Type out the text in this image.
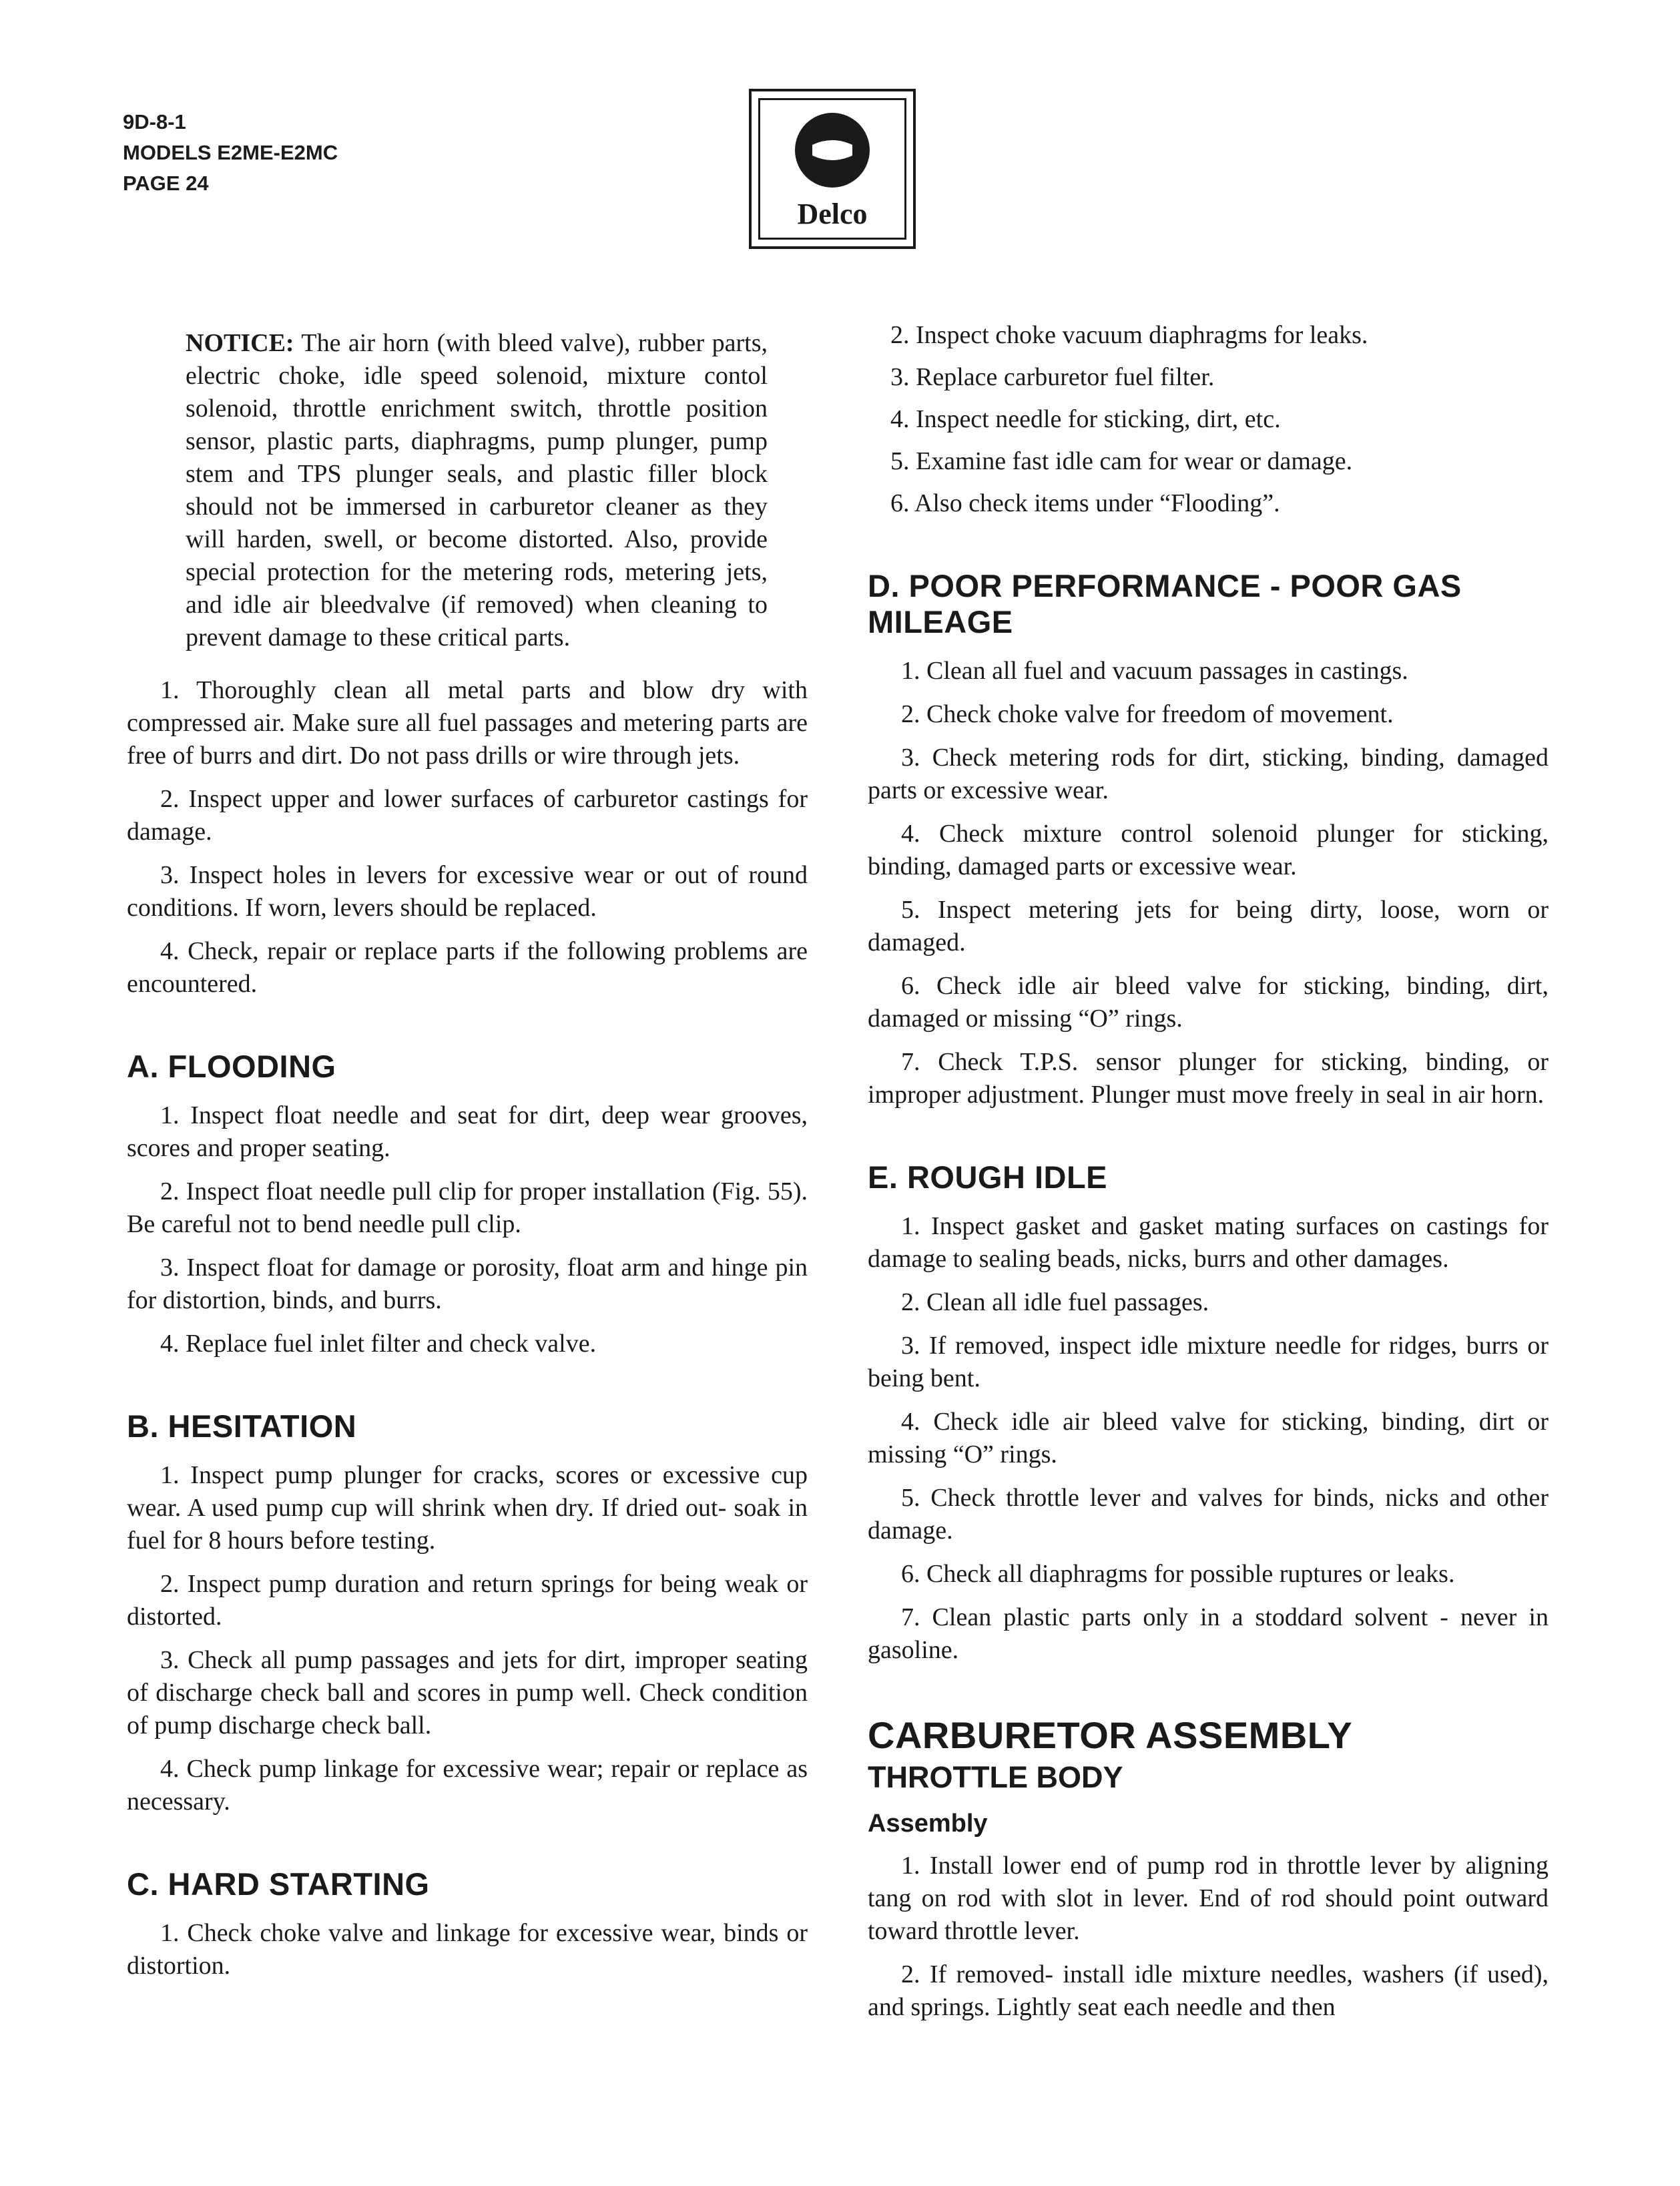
9D-8-1
MODELS E2ME-E2MC
PAGE 24
Delco

NOTICE: The air horn (with bleed valve), rubber parts, electric choke, idle speed solenoid, mixture contol solenoid, throttle enrichment switch, throttle position sensor, plastic parts, diaphragms, pump plunger, pump stem and TPS plunger seals, and plastic filler block should not be immersed in carburetor cleaner as they will harden, swell, or become distorted. Also, provide special protection for the metering rods, metering jets, and idle air bleedvalve (if removed) when cleaning to prevent damage to these critical parts.

1. Thoroughly clean all metal parts and blow dry with compressed air. Make sure all fuel passages and metering parts are free of burrs and dirt. Do not pass drills or wire through jets.

2. Inspect upper and lower surfaces of carburetor castings for damage.

3. Inspect holes in levers for excessive wear or out of round conditions. If worn, levers should be replaced.

4. Check, repair or replace parts if the following problems are encountered.

A. FLOODING

1. Inspect float needle and seat for dirt, deep wear grooves, scores and proper seating.

2. Inspect float needle pull clip for proper installation (Fig. 55). Be careful not to bend needle pull clip.

3. Inspect float for damage or porosity, float arm and hinge pin for distortion, binds, and burrs.

4. Replace fuel inlet filter and check valve.

B. HESITATION

1. Inspect pump plunger for cracks, scores or excessive cup wear. A used pump cup will shrink when dry. If dried out- soak in fuel for 8 hours before testing.

2. Inspect pump duration and return springs for being weak or distorted.

3. Check all pump passages and jets for dirt, improper seating of discharge check ball and scores in pump well. Check condition of pump discharge check ball.

4. Check pump linkage for excessive wear; repair or replace as necessary.

C. HARD STARTING

1. Check choke valve and linkage for excessive wear, binds or distortion.

2. Inspect choke vacuum diaphragms for leaks.

3. Replace carburetor fuel filter.

4. Inspect needle for sticking, dirt, etc.

5. Examine fast idle cam for wear or damage.

6. Also check items under “Flooding”.

D. POOR PERFORMANCE - POOR GAS MILEAGE

1. Clean all fuel and vacuum passages in castings.

2. Check choke valve for freedom of movement.

3. Check metering rods for dirt, sticking, binding, damaged parts or excessive wear.

4. Check mixture control solenoid plunger for sticking, binding, damaged parts or excessive wear.

5. Inspect metering jets for being dirty, loose, worn or damaged.

6. Check idle air bleed valve for sticking, binding, dirt, damaged or missing “O” rings.

7. Check T.P.S. sensor plunger for sticking, binding, or improper adjustment. Plunger must move freely in seal in air horn.

E. ROUGH IDLE

1. Inspect gasket and gasket mating surfaces on castings for damage to sealing beads, nicks, burrs and other damages.

2. Clean all idle fuel passages.

3. If removed, inspect idle mixture needle for ridges, burrs or being bent.

4. Check idle air bleed valve for sticking, binding, dirt or missing “O” rings.

5. Check throttle lever and valves for binds, nicks and other damage.

6. Check all diaphragms for possible ruptures or leaks.

7. Clean plastic parts only in a stoddard solvent - never in gasoline.

CARBURETOR ASSEMBLY
THROTTLE BODY
Assembly

1. Install lower end of pump rod in throttle lever by aligning tang on rod with slot in lever. End of rod should point outward toward throttle lever.

2. If removed- install idle mixture needles, washers (if used), and springs. Lightly seat each needle and then
